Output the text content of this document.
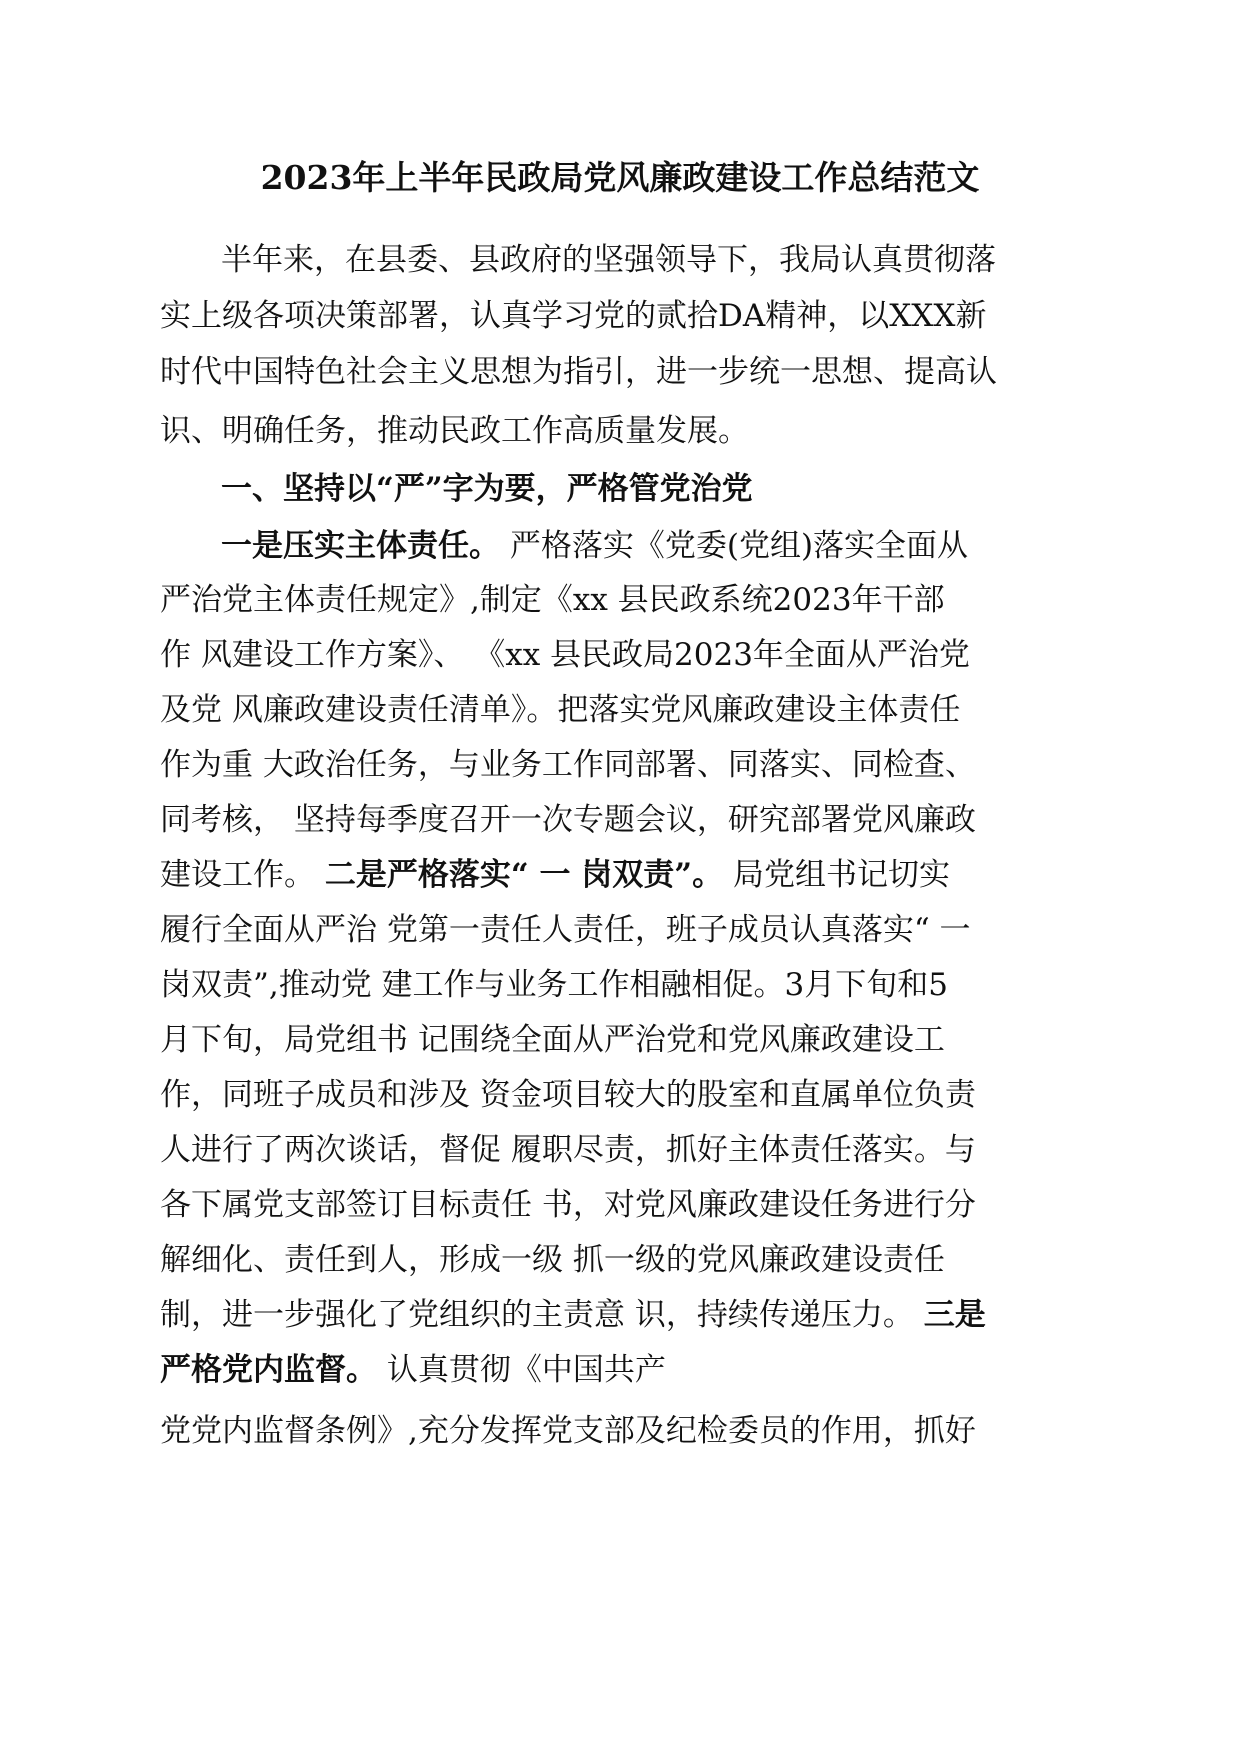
2023年上半年民政局党风廉政建设工作总结范文
半年来，在县委、县政府的坚强领导下，我局认真贯彻落
实上级各项决策部署，认真学习党的贰拾DA精神，以XXX新
时代中国特色社会主义思想为指引，进一步统一思想、提高认
识、明确任务，推动民政工作高质量发展。
一、坚持以“严”字为要，严格管党治党
一是压实主体责任。 严格落实《党委(党组)落实全面从
严治党主体责任规定》,制定《xx 县民政系统2023年干部
作 风建设工作方案》、 《xx 县民政局2023年全面从严治党
及党 风廉政建设责任清单》。把落实党风廉政建设主体责任
作为重 大政治任务，与业务工作同部署、同落实、同检查、
同考核， 坚持每季度召开一次专题会议，研究部署党风廉政
建设工作。 二是严格落实“ 一 岗双责”。 局党组书记切实
履行全面从严治 党第一责任人责任，班子成员认真落实“ 一
岗双责”,推动党 建工作与业务工作相融相促。3月下旬和5
月下旬，局党组书 记围绕全面从严治党和党风廉政建设工
作，同班子成员和涉及 资金项目较大的股室和直属单位负责
人进行了两次谈话，督促 履职尽责，抓好主体责任落实。与
各下属党支部签订目标责任 书，对党风廉政建设任务进行分
解细化、责任到人，形成一级 抓一级的党风廉政建设责任
制，进一步强化了党组织的主责意 识，持续传递压力。 三是
严格党内监督。 认真贯彻《中国共产
党党内监督条例》,充分发挥党支部及纪检委员的作用，抓好
